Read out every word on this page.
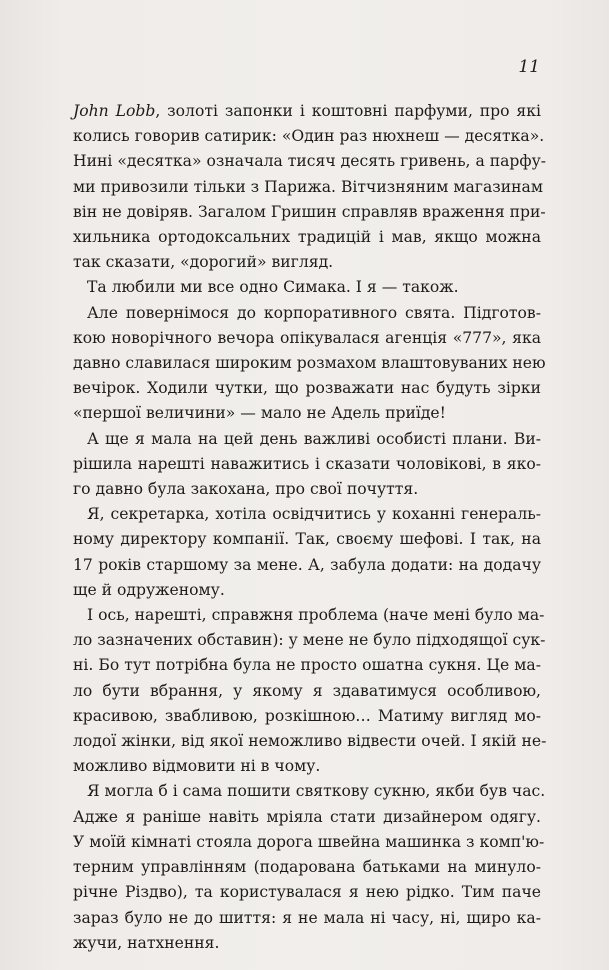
11
John Lobb, золоті запонки і коштовні парфуми, про які
колись говорив сатирик: «Один раз нюхнеш — десятка».
Нині «десятка» означала тисяч десять гривень, а парфу-
ми привозили тільки з Парижа. Вітчизняним магазинам
він не довіряв. Загалом Гришин справляв враження при-
хильника ортодоксальних традицій і мав, якщо можна
так сказати, «дорогий» вигляд.
Та любили ми все одно Симака. І я — також.
Але повернімося до корпоративного свята. Підготов-
кою новорічного вечора опікувалася агенція «777», яка
давно славилася широким розмахом влаштовуваних нею
вечірок. Ходили чутки, що розважати нас будуть зірки
«першої величини» — мало не Адель приїде!
А ще я мала на цей день важливі особисті плани. Ви-
рішила нарешті наважитись і сказати чоловікові, в яко-
го давно була закохана, про свої почуття.
Я, секретарка, хотіла освідчитись у коханні генераль-
ному директору компанії. Так, своєму шефові. І так, на
17 років старшому за мене. А, забула додати: на додачу
ще й одруженому.
І ось, нарешті, справжня проблема (наче мені було ма-
ло зазначених обставин): у мене не було підходящої сук-
ні. Бо тут потрібна була не просто ошатна сукня. Це ма-
ло бути вбрання, у якому я здаватимуся особливою,
красивою, звабливою, розкішною… Матиму вигляд мо-
лодої жінки, від якої неможливо відвести очей. І якій не-
можливо відмовити ні в чому.
Я могла б і сама пошити святкову сукню, якби був час.
Адже я раніше навіть мріяла стати дизайнером одягу.
У моїй кімнаті стояла дорога швейна машинка з комп'ю-
терним управлінням (подарована батьками на минуло-
річне Різдво), та користувалася я нею рідко. Тим паче
зараз було не до шиття: я не мала ні часу, ні, щиро ка-
жучи, натхнення.
